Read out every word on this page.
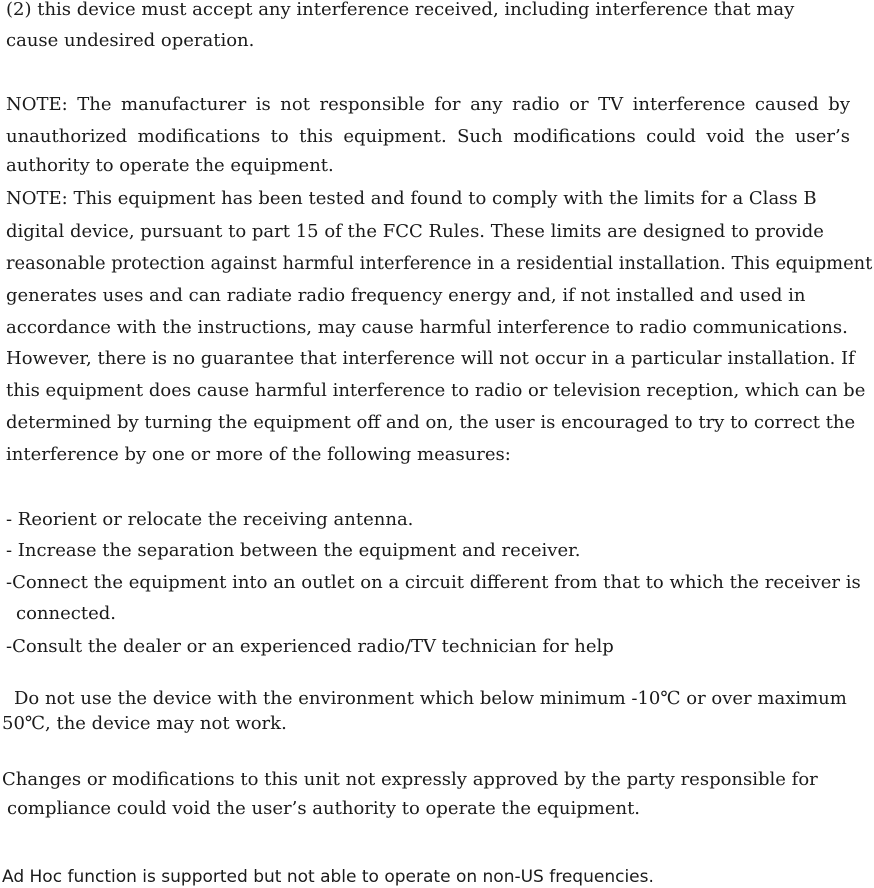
(2) this device must accept any interference received, including interference that may

cause undesired operation.

NOTE: The manufacturer is not responsible for any radio or TV interference caused by

unauthorized modifications to this equipment. Such modifications could void the user’s

authority to operate the equipment.

NOTE: This equipment has been tested and found to comply with the limits for a Class B

digital device, pursuant to part 15 of the FCC Rules. These limits are designed to provide

reasonable protection against harmful interference in a residential installation. This equipment

generates uses and can radiate radio frequency energy and, if not installed and used in

accordance with the instructions, may cause harmful interference to radio communications.

However, there is no guarantee that interference will not occur in a particular installation. If

this equipment does cause harmful interference to radio or television reception, which can be

determined by turning the equipment off and on, the user is encouraged to try to correct the

interference by one or more of the following measures:

- Reorient or relocate the receiving antenna.

- Increase the separation between the equipment and receiver.

-Connect the equipment into an outlet on a circuit different from that to which the receiver is

connected.

-Consult the dealer or an experienced radio/TV technician for help

Do not use the device with the environment which below minimum -10℃ or over maximum

50℃, the device may not work.

Changes or modifications to this unit not expressly approved by the party responsible for

compliance could void the user’s authority to operate the equipment.

Ad Hoc function is supported but not able to operate on non-US frequencies.
